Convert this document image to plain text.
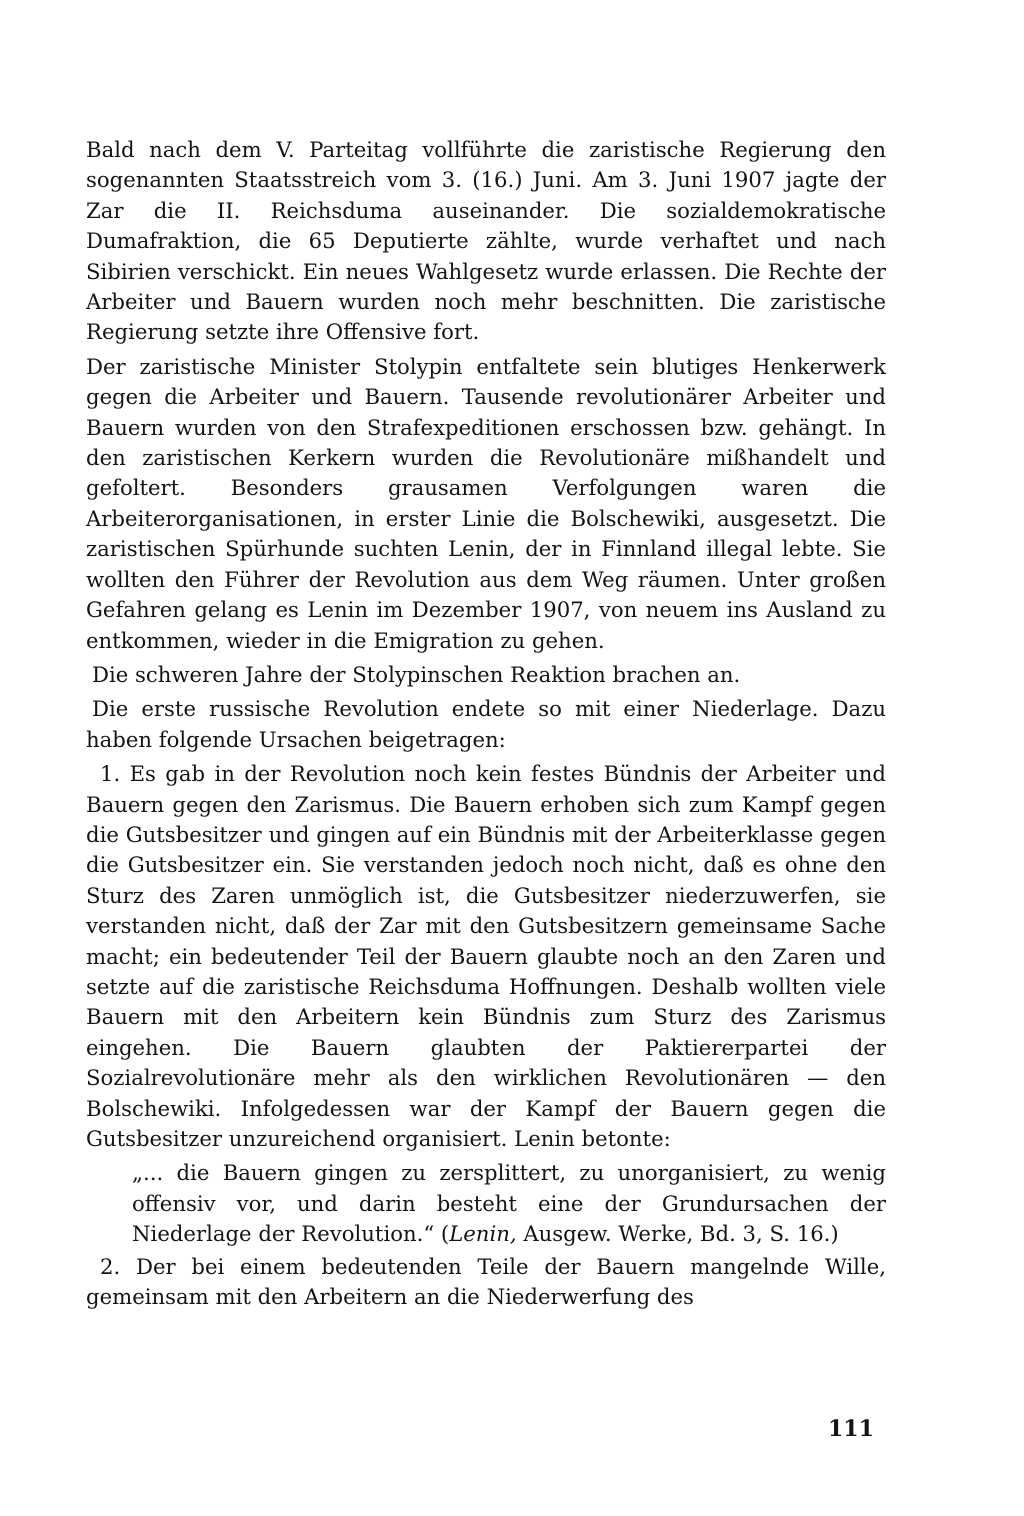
Bald nach dem V. Parteitag vollführte die zaristische Regierung den sogenannten Staatsstreich vom 3. (16.) Juni. Am 3. Juni 1907 jagte der Zar die II. Reichsduma auseinander. Die sozialdemokratische Dumafraktion, die 65 Deputierte zählte, wurde verhaftet und nach Sibirien verschickt. Ein neues Wahlgesetz wurde erlassen. Die Rechte der Arbeiter und Bauern wurden noch mehr beschnitten. Die zaristische Regierung setzte ihre Offensive fort.

Der zaristische Minister Stolypin entfaltete sein blutiges Henkerwerk gegen die Arbeiter und Bauern. Tausende revolutionärer Arbeiter und Bauern wurden von den Strafexpeditionen erschossen bzw. gehängt. In den zaristischen Kerkern wurden die Revolutionäre mißhandelt und gefoltert. Besonders grausamen Verfolgungen waren die Arbeiterorganisationen, in erster Linie die Bolschewiki, ausgesetzt. Die zaristischen Spürhunde suchten Lenin, der in Finnland illegal lebte. Sie wollten den Führer der Revolution aus dem Weg räumen. Unter großen Gefahren gelang es Lenin im Dezember 1907, von neuem ins Ausland zu entkommen, wieder in die Emigration zu gehen.

Die schweren Jahre der Stolypinschen Reaktion brachen an.

Die erste russische Revolution endete so mit einer Niederlage. Dazu haben folgende Ursachen beigetragen:

1. Es gab in der Revolution noch kein festes Bündnis der Arbeiter und Bauern gegen den Zarismus. Die Bauern erhoben sich zum Kampf gegen die Gutsbesitzer und gingen auf ein Bündnis mit der Arbeiterklasse gegen die Gutsbesitzer ein. Sie verstanden jedoch noch nicht, daß es ohne den Sturz des Zaren unmöglich ist, die Gutsbesitzer niederzuwerfen, sie verstanden nicht, daß der Zar mit den Gutsbesitzern gemeinsame Sache macht; ein bedeutender Teil der Bauern glaubte noch an den Zaren und setzte auf die zaristische Reichsduma Hoffnungen. Deshalb wollten viele Bauern mit den Arbeitern kein Bündnis zum Sturz des Zarismus eingehen. Die Bauern glaubten der Paktiererpartei der Sozialrevolutionäre mehr als den wirklichen Revolutionären — den Bolschewiki. Infolgedessen war der Kampf der Bauern gegen die Gutsbesitzer unzureichend organisiert. Lenin betonte:

„... die Bauern gingen zu zersplittert, zu unorganisiert, zu wenig offensiv vor, und darin besteht eine der Grundursachen der Niederlage der Revolution.“ (Lenin, Ausgew. Werke, Bd. 3, S. 16.)

2. Der bei einem bedeutenden Teile der Bauern mangelnde Wille, gemeinsam mit den Arbeitern an die Niederwerfung des

111
